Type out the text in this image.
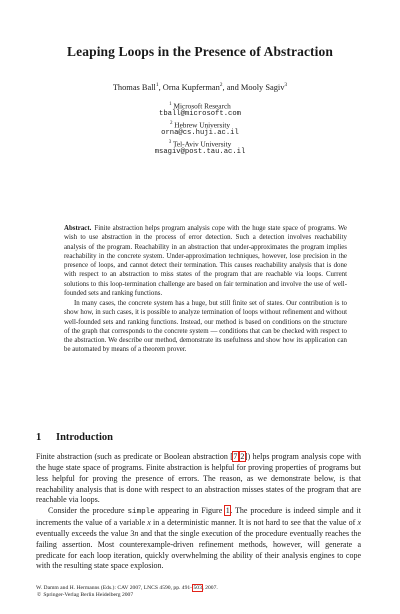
Leaping Loops in the Presence of Abstraction
Thomas Ball$^1$, Orna Kupferman$^2$, and Mooly Sagiv$^3$
$^1$ Microsoft Research
tball@microsoft.com
$^2$ Hebrew University
orna@cs.huji.ac.il
$^3$ Tel-Aviv University
msagiv@post.tau.ac.il

Abstract. Finite abstraction helps program analysis cope with the huge state space of programs. We wish to use abstraction in the process of error detection. Such a detection involves reachability analysis of the program. Reachability in an abstraction that under-approximates the program implies reachability in the concrete system. Under-approximation techniques, however, lose precision in the presence of loops, and cannot detect their termination. This causes reachability analysis that is done with respect to an abstraction to miss states of the program that are reachable via loops. Current solutions to this loop-termination challenge are based on fair termination and involve the use of well-founded sets and ranking functions.

In many cases, the concrete system has a huge, but still finite set of states. Our contribution is to show how, in such cases, it is possible to analyze termination of loops without refinement and without well-founded sets and ranking functions. Instead, our method is based on conditions on the structure of the graph that corresponds to the concrete system — conditions that can be checked with respect to the abstraction. We describe our method, demonstrate its usefulness and show how its application can be automated by means of a theorem prover.

1 Introduction

Finite abstraction (such as predicate or Boolean abstraction [7,2]) helps program analysis cope with the huge state space of programs. Finite abstraction is helpful for proving properties of programs but less helpful for proving the presence of errors. The reason, as we demonstrate below, is that reachability analysis that is done with respect to an abstraction misses states of the program that are reachable via loops.

Consider the procedure simple appearing in Figure 1. The procedure is indeed simple and it increments the value of a variable x in a deterministic manner. It is not hard to see that the value of x eventually exceeds the value 3n and that the single execution of the procedure eventually reaches the failing assertion. Most counterexample-driven refinement methods, however, will generate a predicate for each loop iteration, quickly overwhelming the ability of their analysis engines to cope with the resulting state space explosion.

W. Damm and H. Hermanns (Eds.): CAV 2007, LNCS 4590, pp. 491–503, 2007.
© Springer-Verlag Berlin Heidelberg 2007
